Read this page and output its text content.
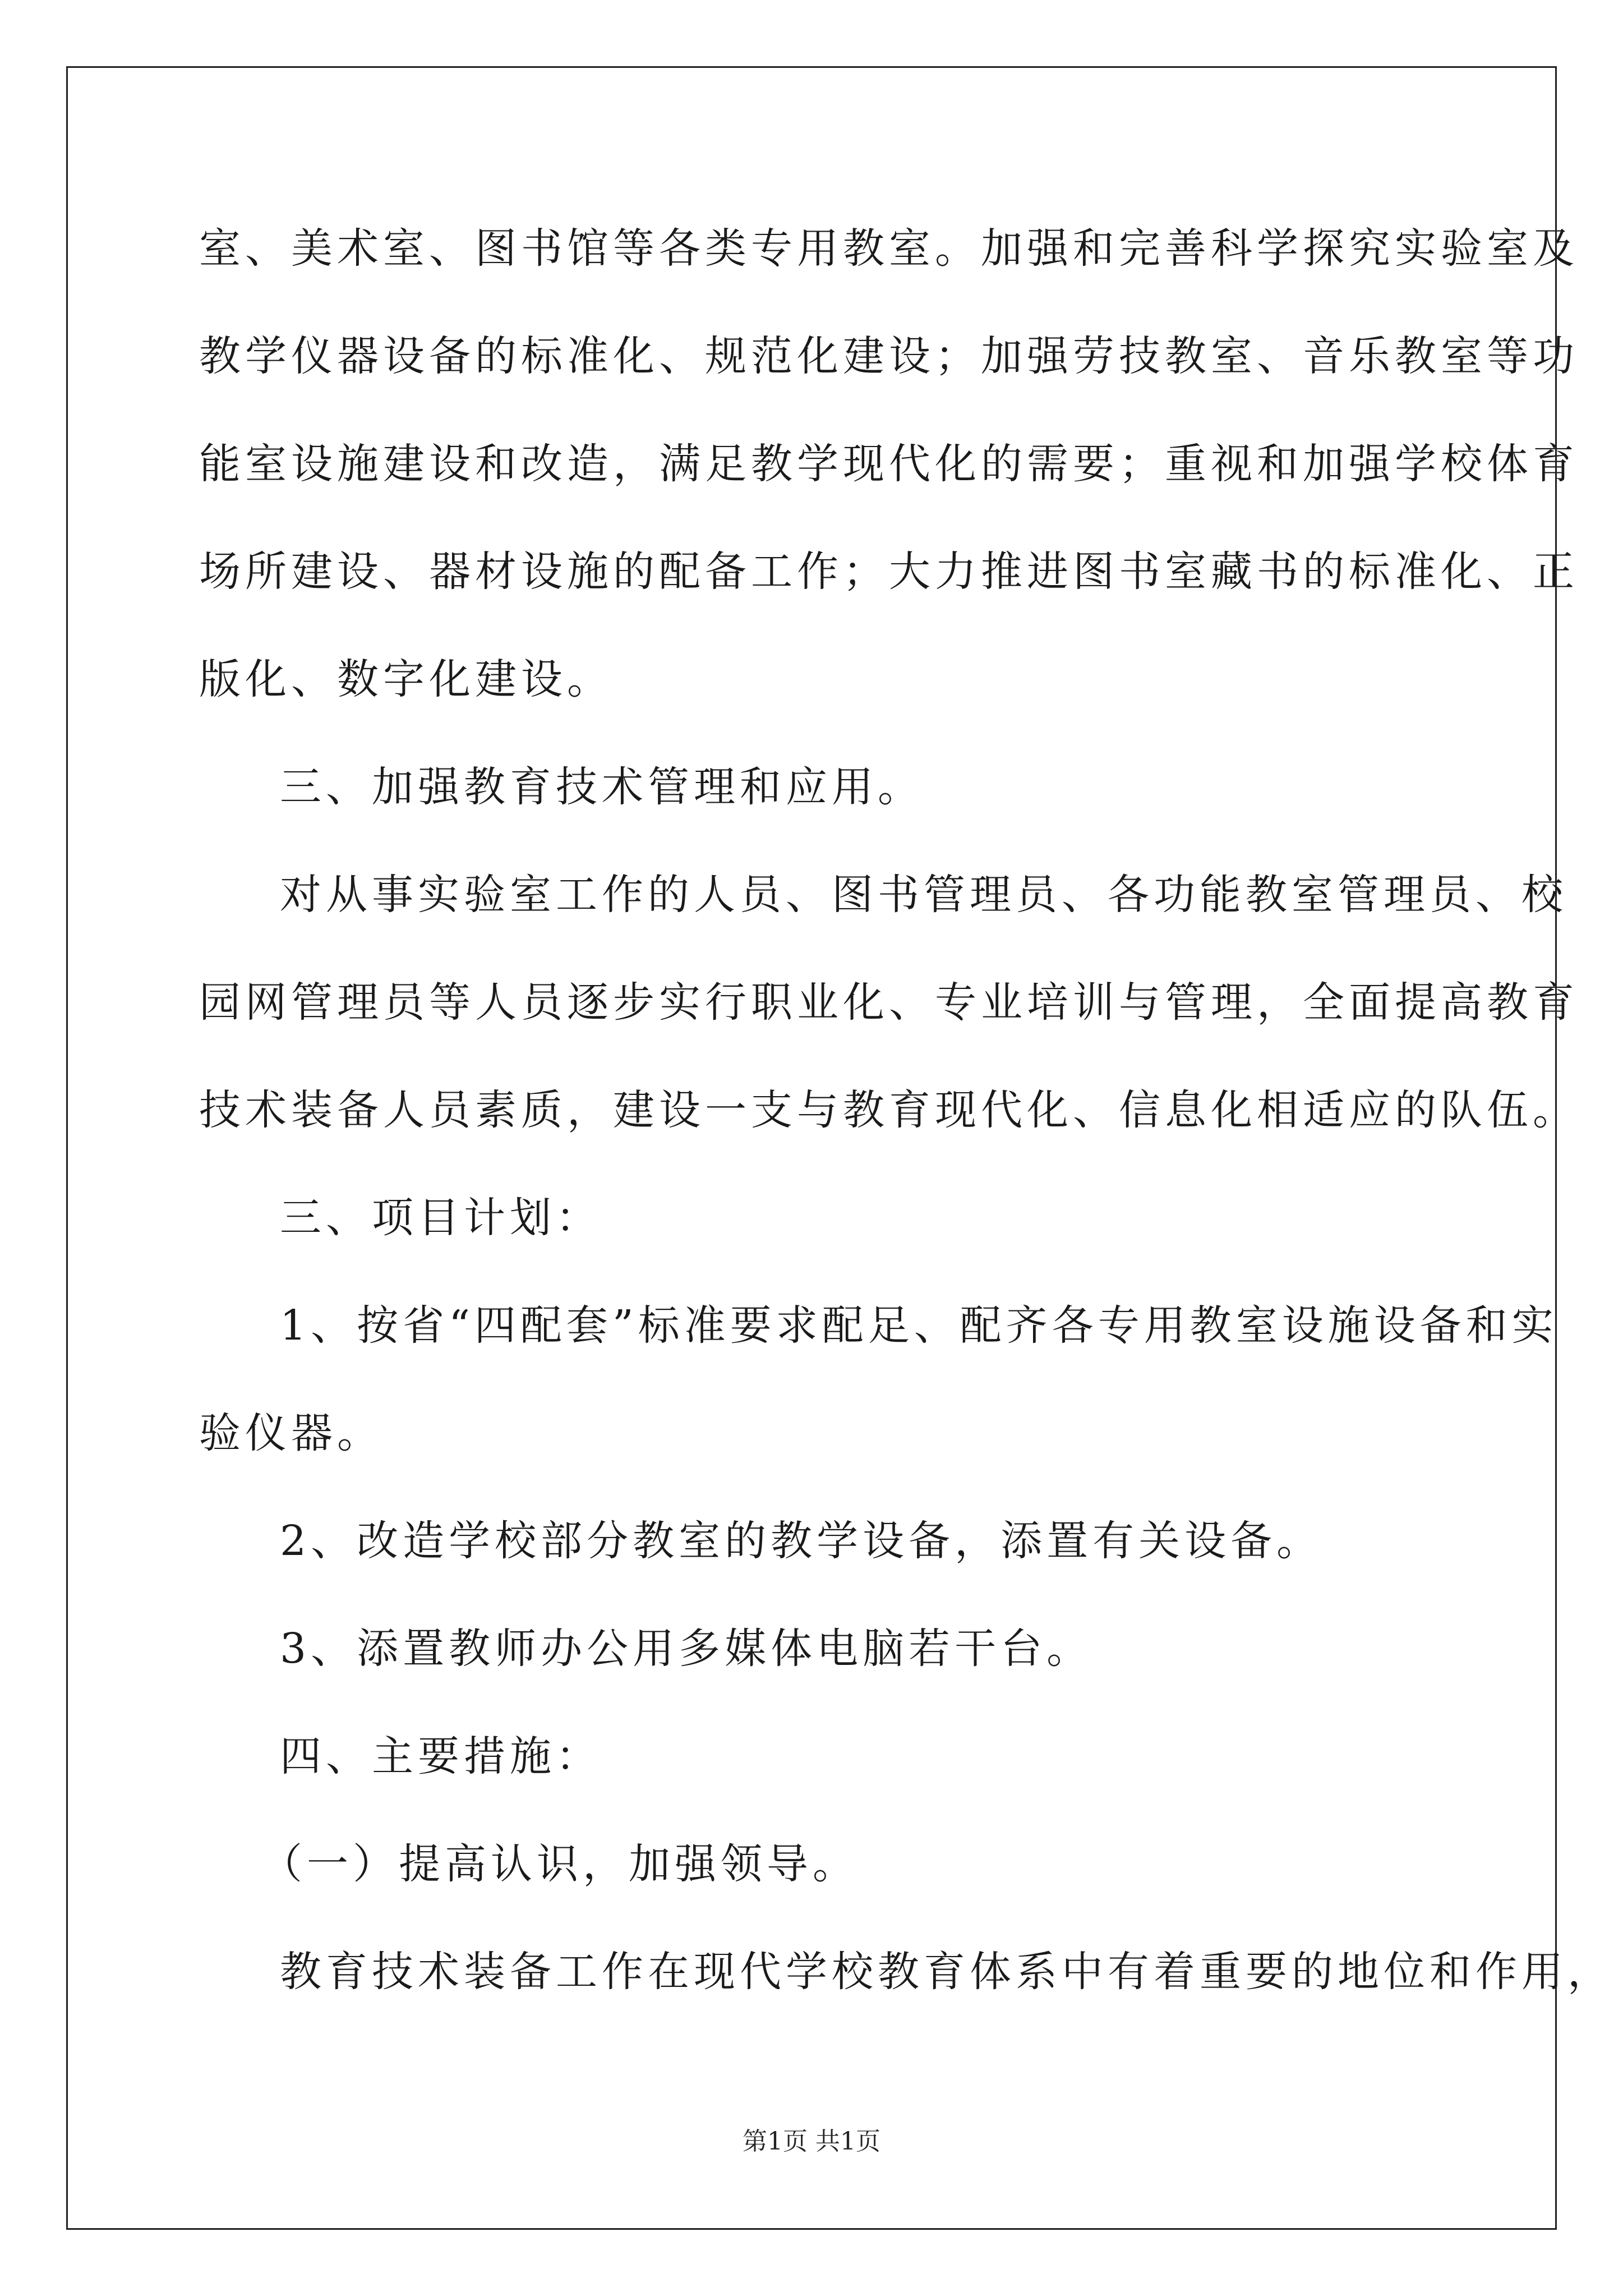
室、美术室、图书馆等各类专用教室。加强和完善科学探究实验室及
教学仪器设备的标准化、规范化建设；加强劳技教室、音乐教室等功
能室设施建设和改造，满足教学现代化的需要；重视和加强学校体育
场所建设、器材设施的配备工作；大力推进图书室藏书的标准化、正
版化、数字化建设。
三、加强教育技术管理和应用。
对从事实验室工作的人员、图书管理员、各功能教室管理员、校
园网管理员等人员逐步实行职业化、专业培训与管理，全面提高教育
技术装备人员素质，建设一支与教育现代化、信息化相适应的队伍。
三、项目计划：
1、按省“四配套”标准要求配足、配齐各专用教室设施设备和实
验仪器。
2、改造学校部分教室的教学设备，添置有关设备。
3、添置教师办公用多媒体电脑若干台。
四、主要措施：
（一）提高认识，加强领导。
教育技术装备工作在现代学校教育体系中有着重要的地位和作用，
第1页 共1页
